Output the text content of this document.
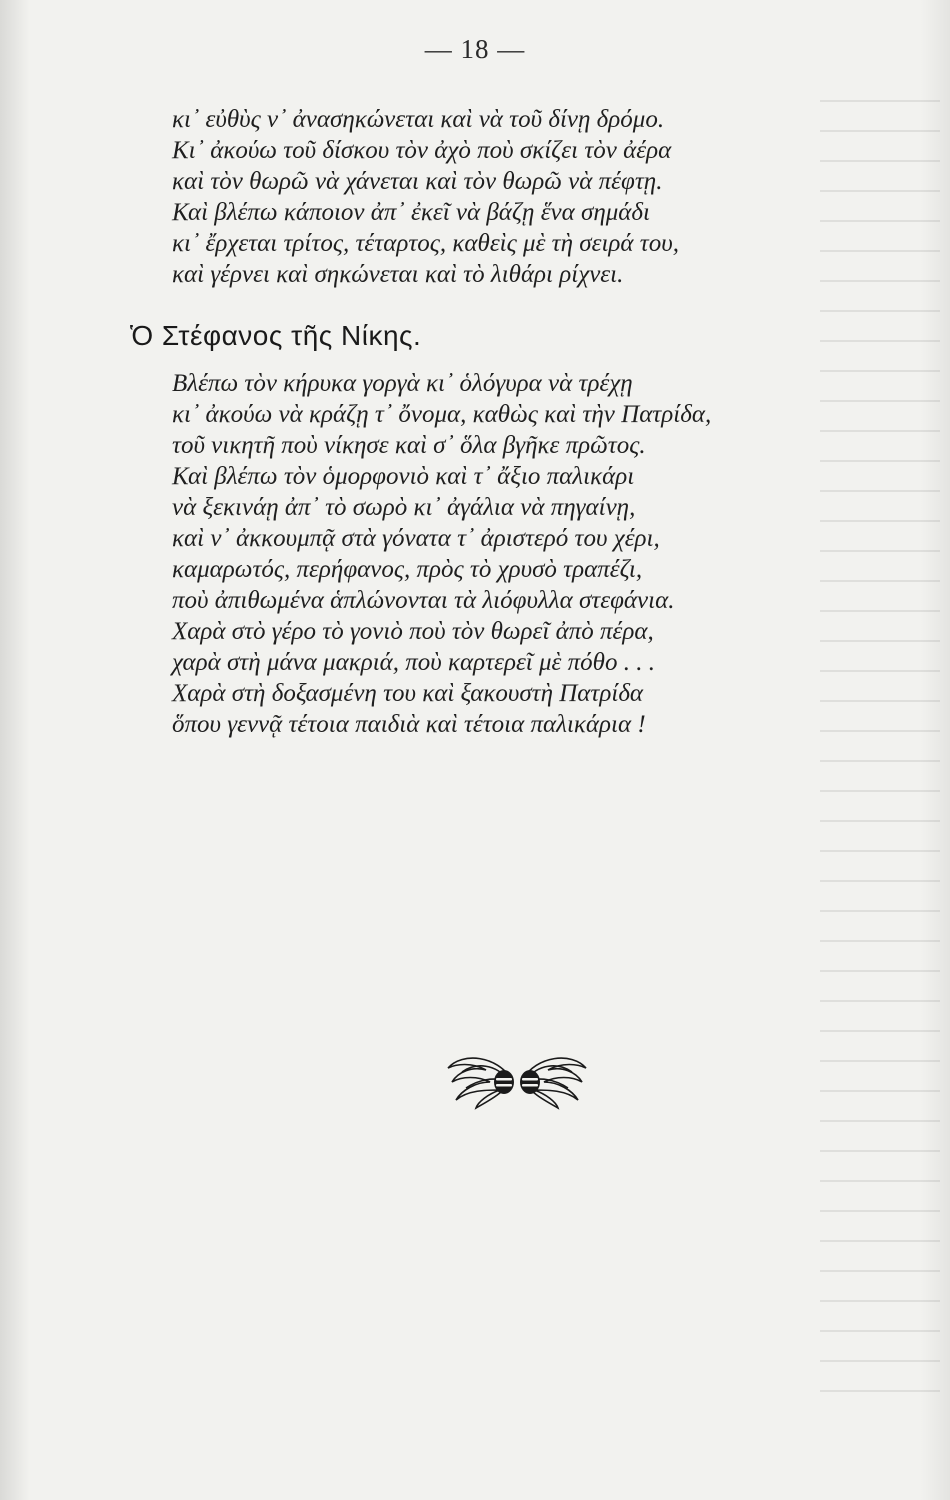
— 18 —
κι᾽ εὐθὺς ν᾽ ἀνασηκώνεται καὶ νὰ τοῦ δίνῃ δρόμο.
Κι᾽ ἀκούω τοῦ δίσκου τὸν ἀχὸ ποὺ σκίζει τὸν ἀέρα
καὶ τὸν θωρῶ νὰ χάνεται καὶ τὸν θωρῶ νὰ πέφτῃ.
Καὶ βλέπω κάποιον ἀπ᾽ ἐκεῖ νὰ βάζῃ ἕνα σημάδι
κι᾽ ἔρχεται τρίτος, τέταρτος, καθεὶς μὲ τὴ σειρά του,
καὶ γέρνει καὶ σηκώνεται καὶ τὸ λιθάρι ρίχνει.
Ὁ Στέφανος τῆς Νίκης.
Βλέπω τὸν κήρυκα γοργὰ κι᾽ ὁλόγυρα νὰ τρέχῃ
κι᾽ ἀκούω νὰ κράζῃ τ᾽ ὄνομα, καθὼς καὶ τὴν Πατρίδα,
τοῦ νικητῆ ποὺ νίκησε καὶ σ᾽ ὅλα βγῆκε πρῶτος.
Καὶ βλέπω τὸν ὁμορφονιὸ καὶ τ᾽ ἄξιο παλικάρι
νὰ ξεκινάῃ ἀπ᾽ τὸ σωρὸ κι᾽ ἀγάλια νὰ πηγαίνῃ,
καὶ ν᾽ ἀκκουμπᾷ στὰ γόνατα τ᾽ ἀριστερό του χέρι,
καμαρωτός, περήφανος, πρὸς τὸ χρυσὸ τραπέζι,
ποὺ ἀπιθωμένα ἁπλώνονται τὰ λιόφυλλα στεφάνια.
Χαρὰ στὸ γέρο τὸ γονιὸ ποὺ τὸν θωρεῖ ἀπὸ πέρα,
χαρὰ στὴ μάνα μακριά, ποὺ καρτερεῖ μὲ πόθο . . .
Χαρὰ στὴ δοξασμένη του καὶ ξακουστὴ Πατρίδα
ὅπου γεννᾷ τέτοια παιδιὰ καὶ τέτοια παλικάρια !
